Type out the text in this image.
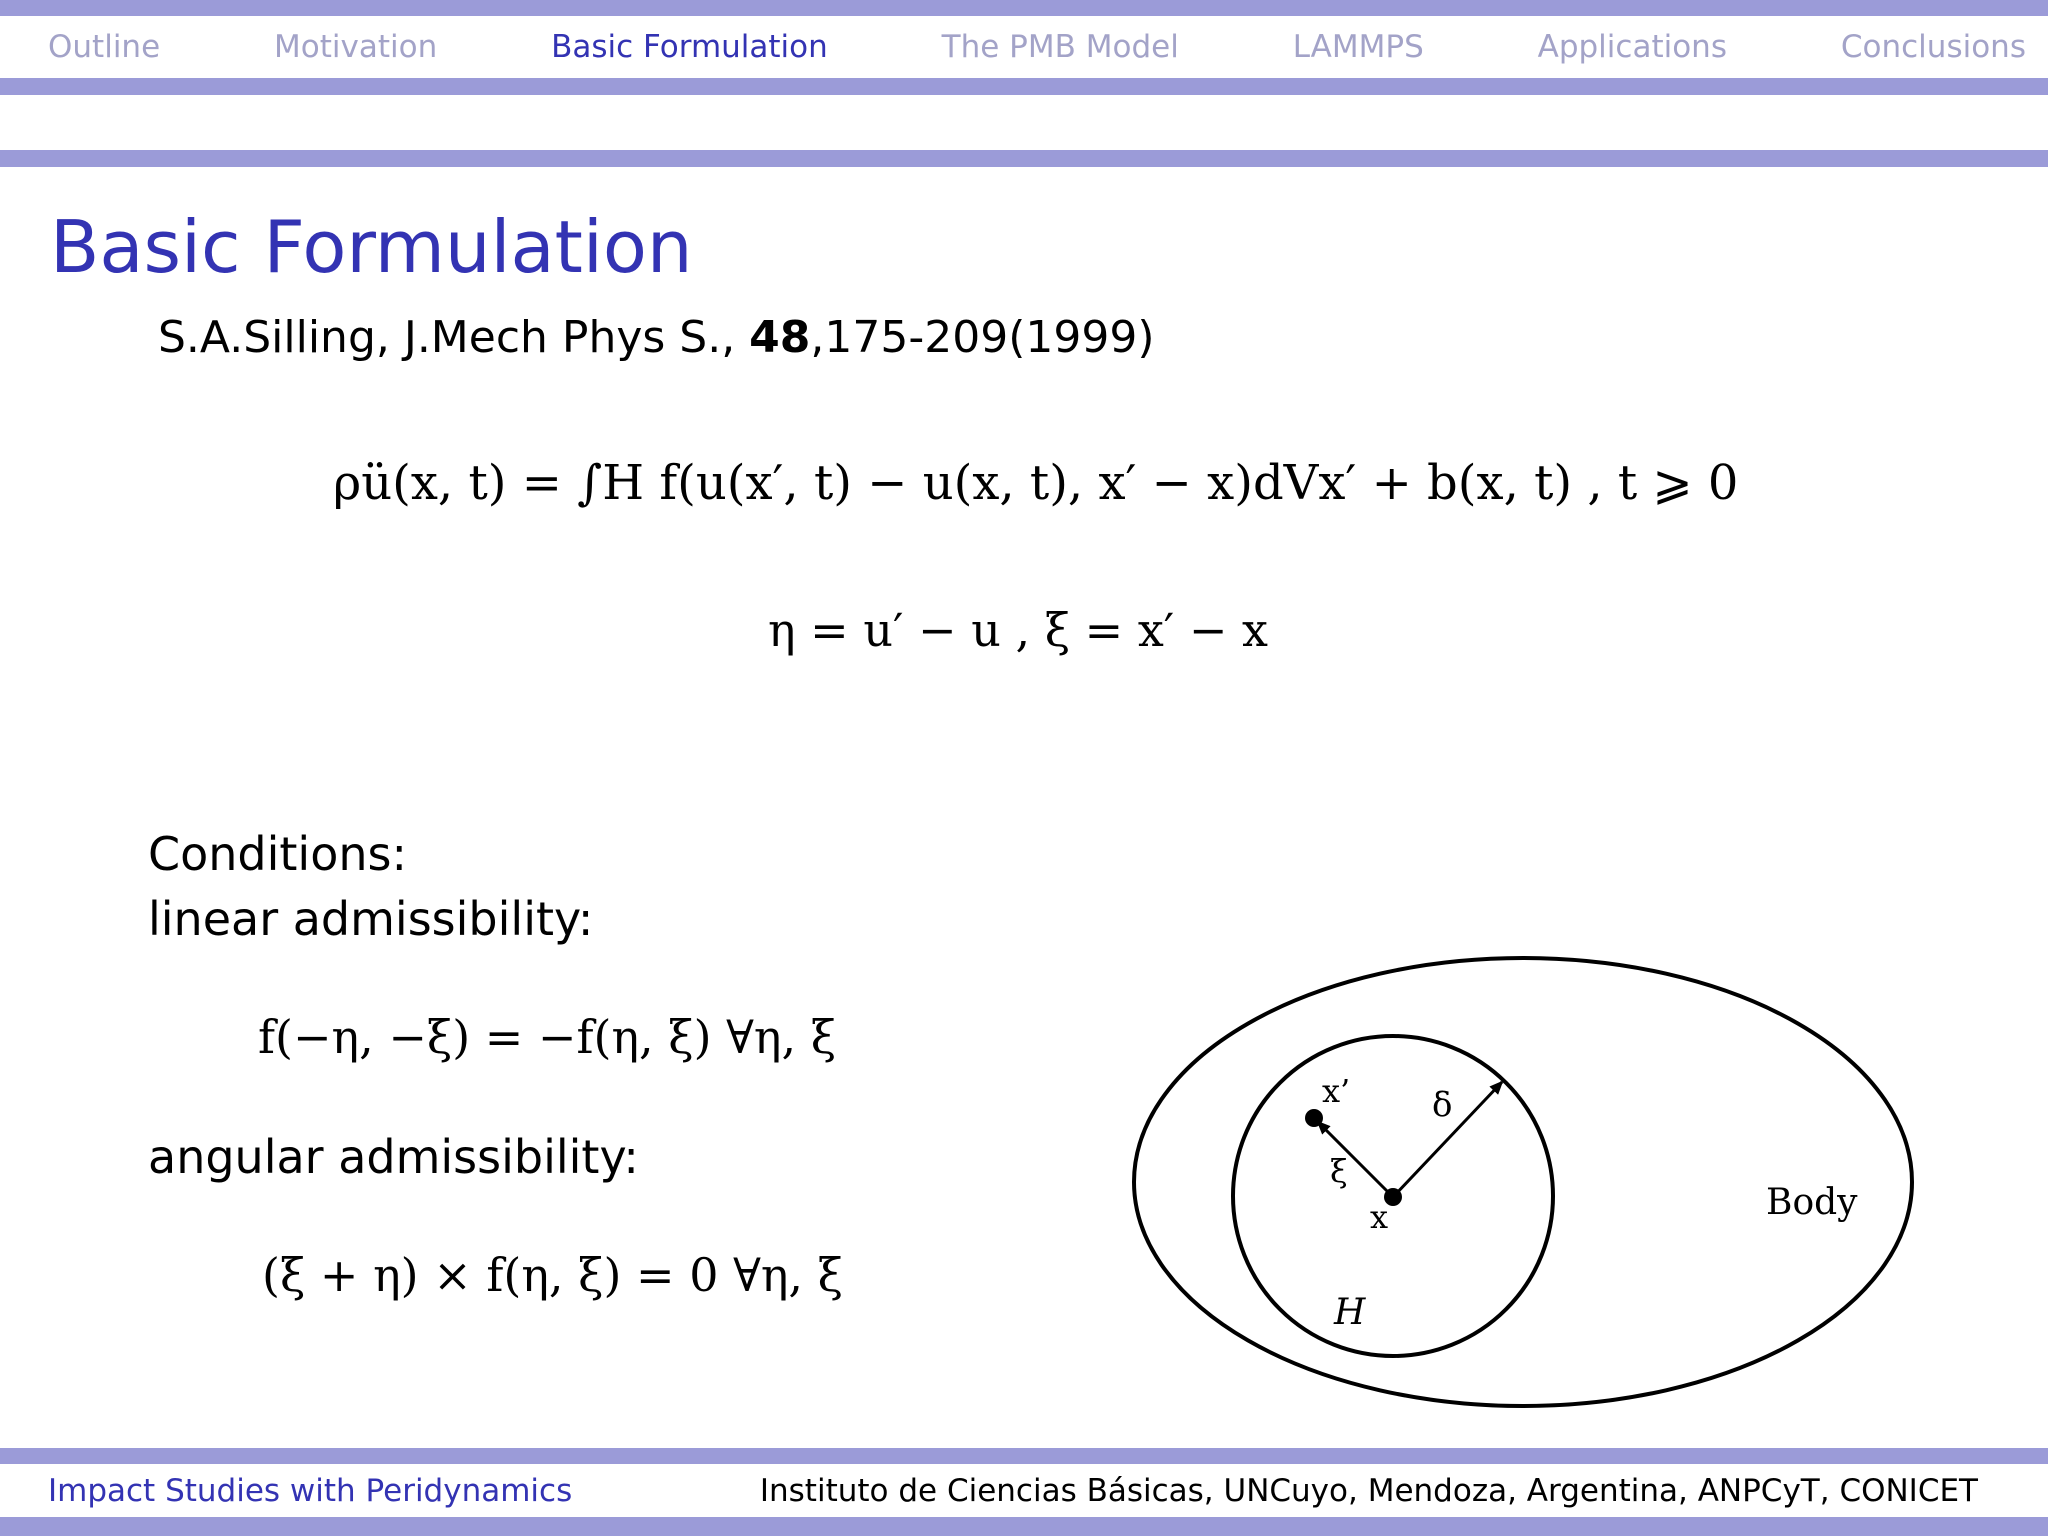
Outline	Motivation	Basic Formulation	The PMB Model	LAMMPS	Applications	Conclusions
Basic Formulation
S.A.Silling, J.Mech Phys S., 48,175-209(1999)
ρü(x, t) = ∫H f(u(x′, t) − u(x, t), x′ − x)dVx′ + b(x, t) , t ⩾ 0
η = u′ − u , ξ = x′ − x
Conditions:
linear admissibility:
f(−η, −ξ) = −f(η, ξ) ∀η, ξ
angular admissibility:
(ξ + η) × f(η, ξ) = 0 ∀η, ξ
x’ δ
ξ
x
H
Body
Impact Studies with Peridynamics	Instituto de Ciencias Básicas, UNCuyo, Mendoza, Argentina, ANPCyT, CONICET
